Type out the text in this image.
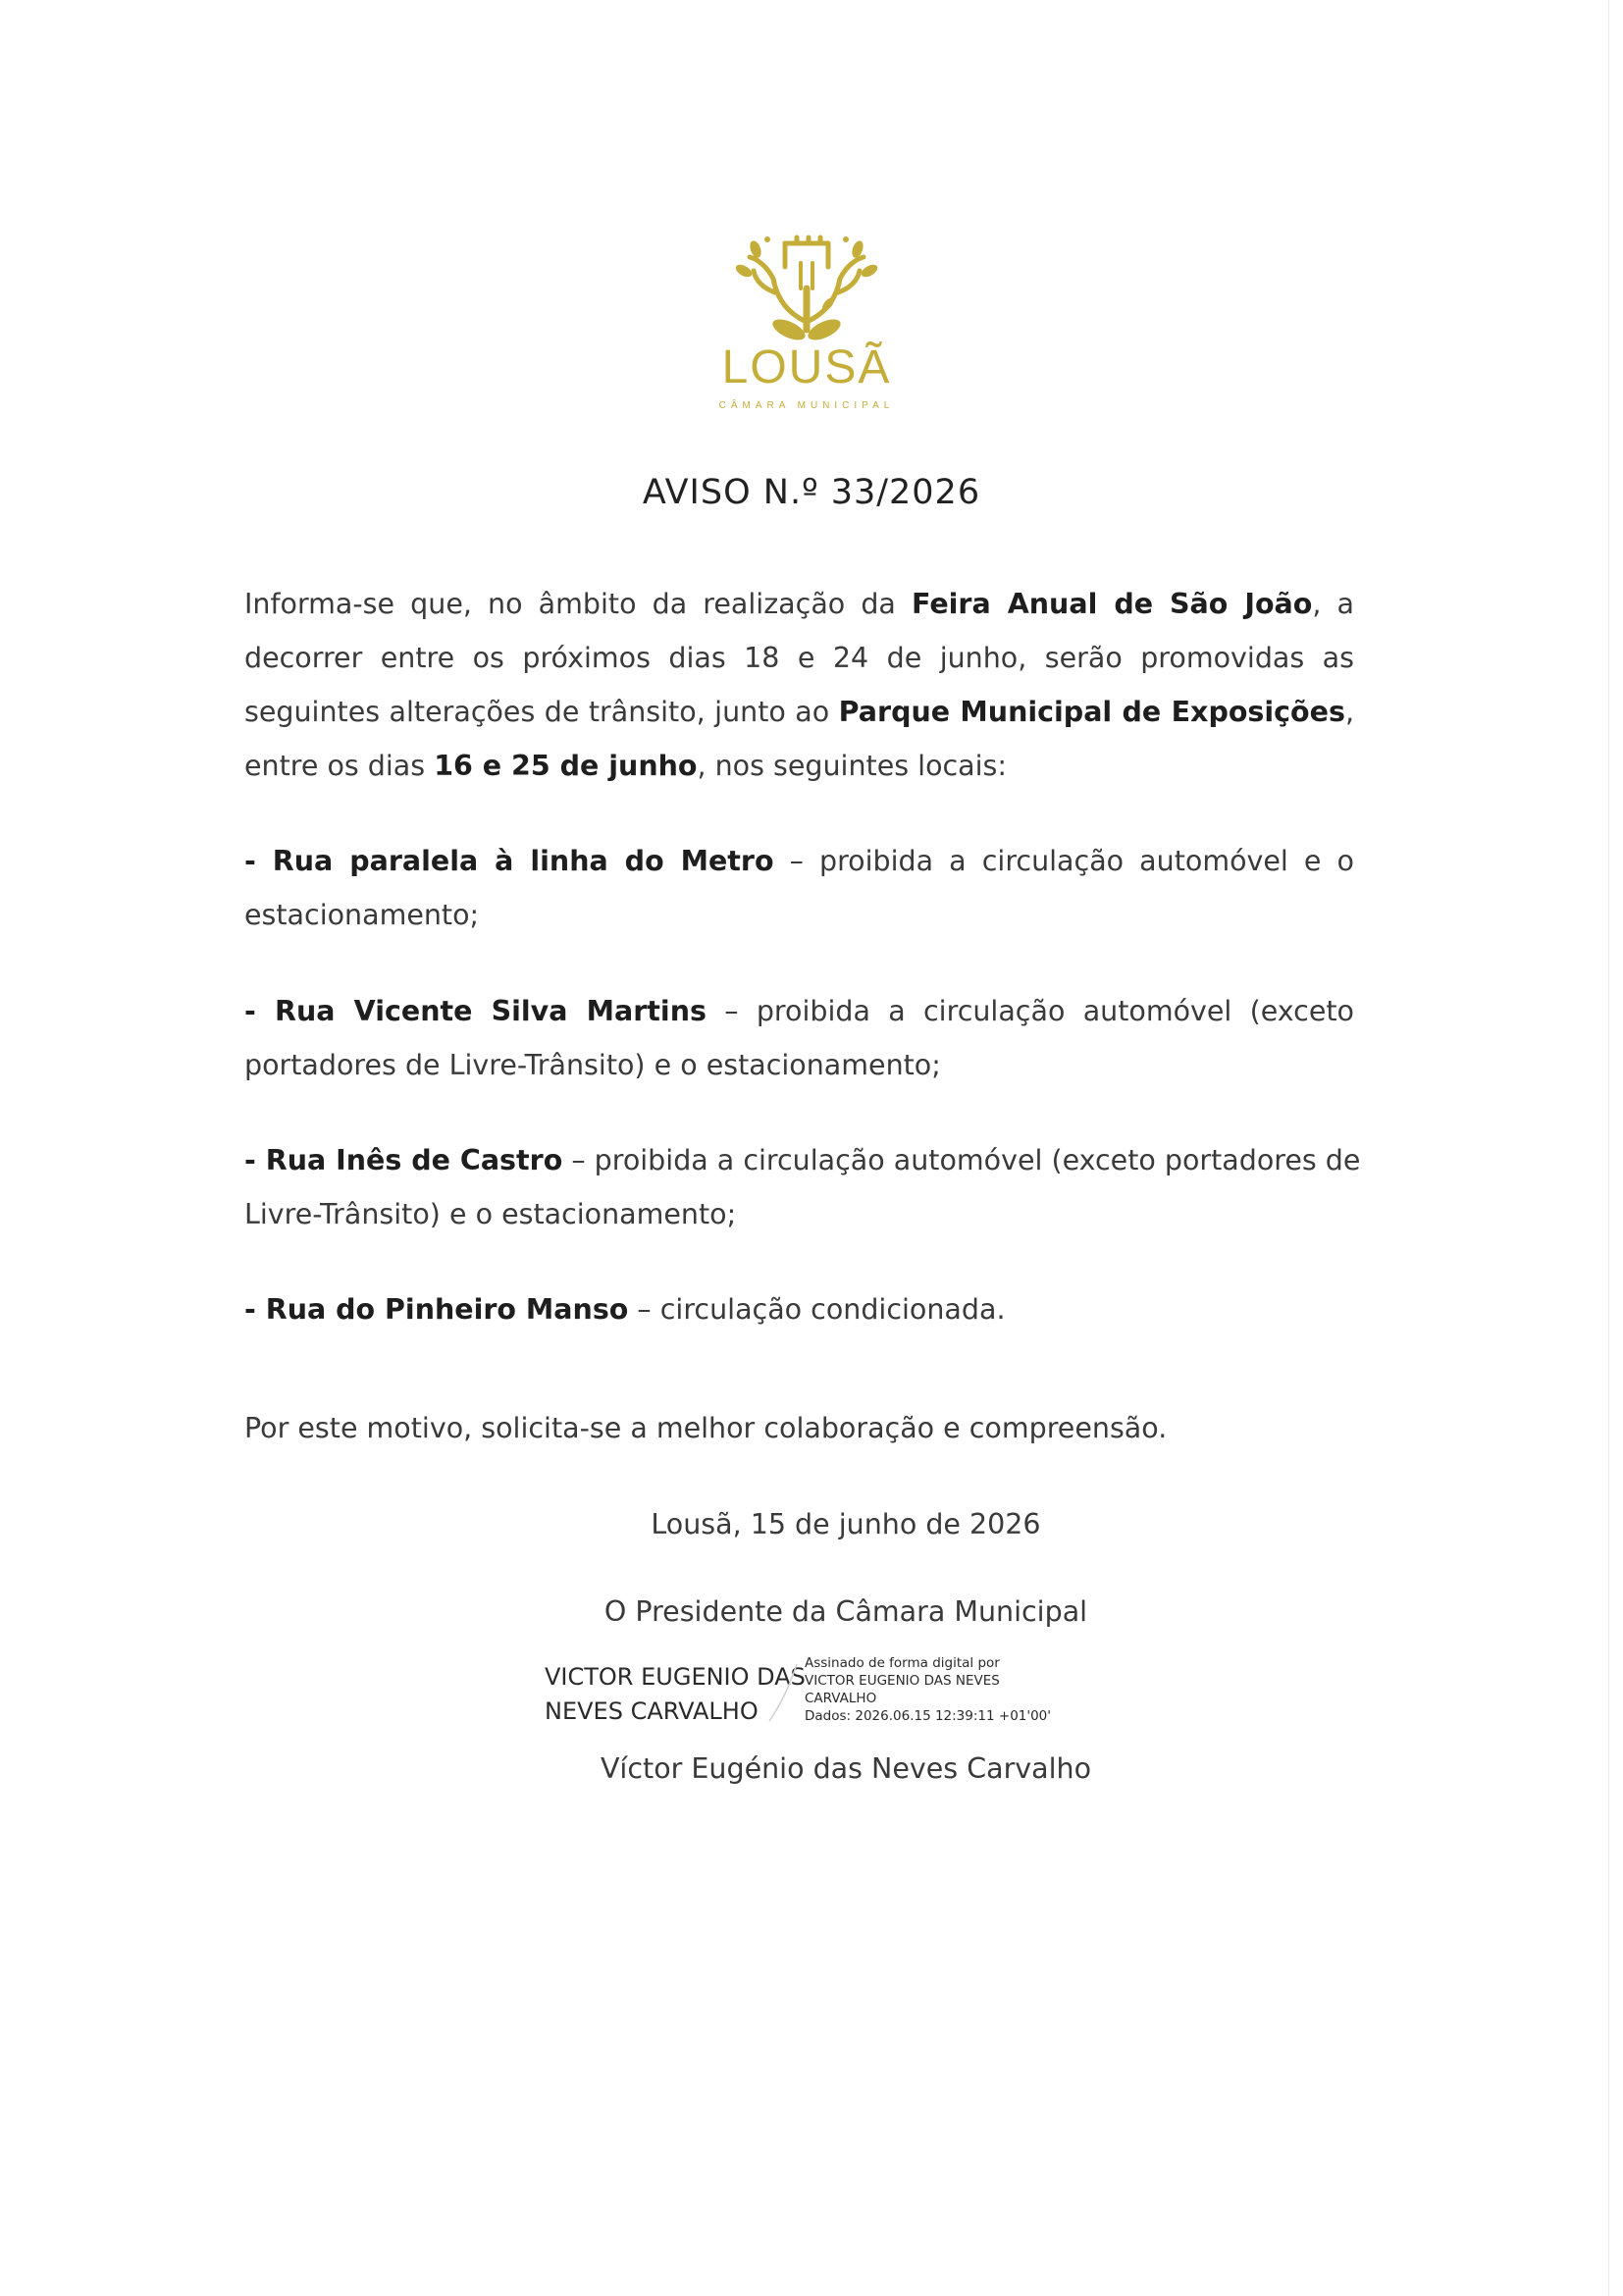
LOUSÃ
CÂMARA MUNICIPAL
AVISO N.º 33/2026

Informa-se que, no âmbito da realização da Feira Anual de São João, a
decorrer entre os próximos dias 18 e 24 de junho, serão promovidas as
seguintes alterações de trânsito, junto ao Parque Municipal de Exposições,
entre os dias 16 e 25 de junho, nos seguintes locais:

- Rua paralela à linha do Metro – proibida a circulação automóvel e o
estacionamento;

- Rua Vicente Silva Martins – proibida a circulação automóvel (exceto
portadores de Livre-Trânsito) e o estacionamento;

- Rua Inês de Castro – proibida a circulação automóvel (exceto portadores de
Livre-Trânsito) e o estacionamento;

- Rua do Pinheiro Manso – circulação condicionada.

Por este motivo, solicita-se a melhor colaboração e compreensão.

Lousã, 15 de junho de 2026
O Presidente da Câmara Municipal
VICTOR EUGENIO DAS
NEVES CARVALHO
Assinado de forma digital por
VICTOR EUGENIO DAS NEVES
CARVALHO
Dados: 2026.06.15 12:39:11 +01'00'
Víctor Eugénio das Neves Carvalho
